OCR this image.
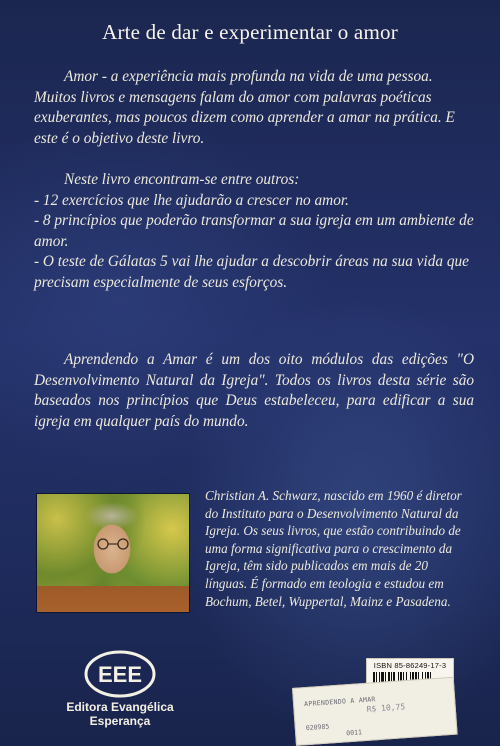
Arte de dar e experimentar o amor
Amor - a experiência mais profunda na vida de uma pessoa. Muitos livros e mensagens falam do amor com palavras poéticas exuberantes, mas poucos dizem como aprender a amar na prática. E este é o objetivo deste livro.
Neste livro encontram-se entre outros:
- 12 exercícios que lhe ajudarão a crescer no amor.
- 8 princípios que poderão transformar a sua igreja em um ambiente de amor.
- O teste de Gálatas 5 vai lhe ajudar a descobrir áreas na sua vida que precisam especialmente de seus esforços.
Aprendendo a Amar é um dos oito módulos das edições "O Desenvolvimento Natural da Igreja". Todos os livros desta série são baseados nos princípios que Deus estabeleceu, para edificar a sua igreja em qualquer país do mundo.
Christian A. Schwarz, nascido em 1960 é diretor do Instituto para o Desenvolvimento Natural da Igreja. Os seus livros, que estão contribuindo de uma forma significativa para o crescimento da Igreja, têm sido publicados em mais de 20 línguas. É formado em teologia e estudou em Bochum, Betel, Wuppertal, Mainz e Pasadena.
EEE
Editora Evangélica
Esperança
ISBN 85-86249-17-3
APRENDENDO A AMAR
R$ 10,75
020985 0011
